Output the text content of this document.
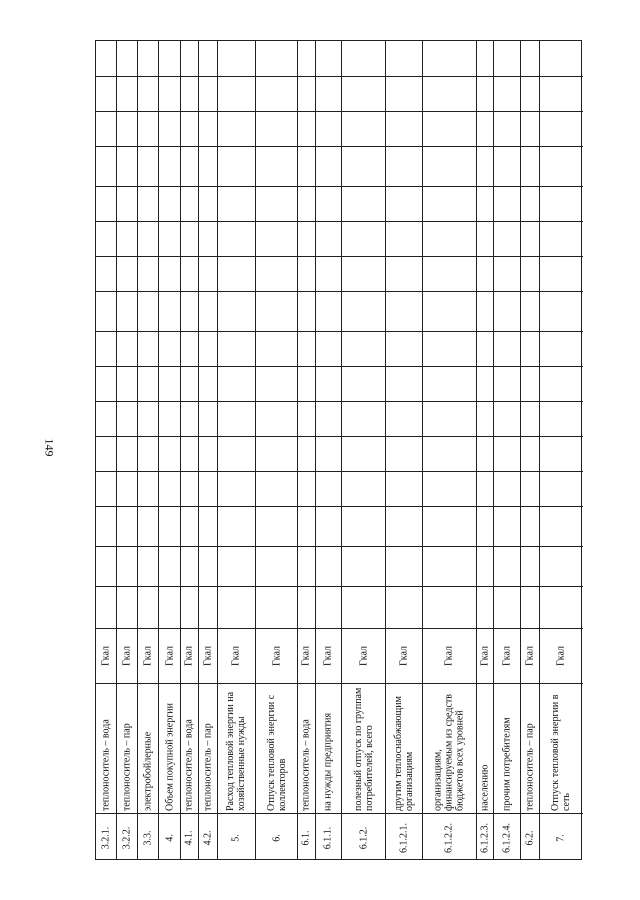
149
Гкал
теплоноситель – вода
3.2.1.
Гкал
теплоноситель – пар
3.2.2.
Гкал
электробойлерные
3.3.
Гкал
Объем покупной энергии
4.
Гкал
теплоноситель – вода
4.1.
Гкал
теплоноситель – пар
4.2.
Гкал
Расход тепловой энергии на хозяйственные нужды
5.
Гкал
Отпуск тепловой энергии с коллекторов
6.
Гкал
теплоноситель – вода
6.1.
Гкал
на нужды предприятия
6.1.1.
Гкал
полезный отпуск по группам потребителей, всего
6.1.2.
Гкал
другим теплоснабжающим организациям
6.1.2.1.
Гкал
организациям, финансируемым из средств бюджетов всех уровней
6.1.2.2.
Гкал
населению
6.1.2.3.
Гкал
прочим потребителям
6.1.2.4.
Гкал
теплоноситель – пар
6.2.
Гкал
Отпуск тепловой энергии в сеть
7.
